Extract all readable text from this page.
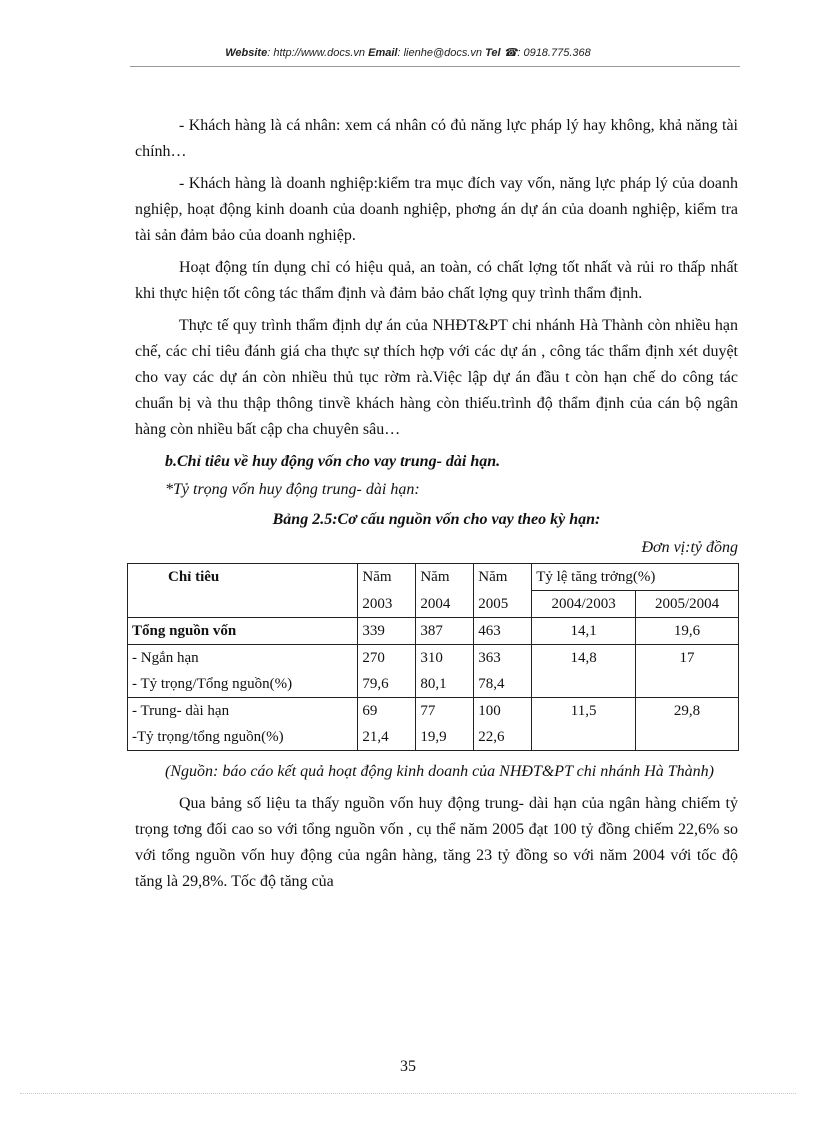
Website: http://www.docs.vn Email: lienhe@docs.vn Tel ☎: 0918.775.368

- Khách hàng là cá nhân: xem cá nhân có đủ năng lực pháp lý hay không, khả năng tài chính…

- Khách hàng là doanh nghiệp:kiểm tra mục đích vay vốn, năng lực pháp lý của doanh nghiệp, hoạt động kinh doanh của doanh nghiệp, phơng án dự án của doanh nghiệp, kiểm tra tài sản đảm bảo của doanh nghiệp.

Hoạt động tín dụng chỉ có hiệu quả, an toàn, có chất lợng tốt nhất và rủi ro thấp nhất khi thực hiện tốt công tác thẩm định và đảm bảo chất lợng quy trình thẩm định.

Thực tế quy trình thẩm định dự án của NHĐT&PT chi nhánh Hà Thành còn nhiều hạn chế, các chỉ tiêu đánh giá cha thực sự thích hợp với các dự án , công tác thẩm định xét duyệt cho vay các dự án còn nhiều thủ tục rờm rà.Việc lập dự án đầu t còn hạn chế do công tác chuẩn bị và thu thập thông tinvề khách hàng còn thiếu.trình độ thẩm định của cán bộ ngân hàng còn nhiều bất cập cha chuyên sâu…

b.Chỉ tiêu về huy động vốn cho vay trung- dài hạn.
*Tỷ trọng vốn huy động trung- dài hạn:
Bảng 2.5:Cơ cấu nguồn vốn cho vay theo kỳ hạn:
Đơn vị:tỷ đồng
Chỉ tiêu	Năm	Năm	Năm	Tỷ lệ tăng trởng(%)	
	2003	2004	2005	2004/2003	2005/2004
Tổng nguồn vốn	339	387	463	14,1	19,6
- Ngắn hạn	270	310	363	14,8	17
- Tỷ trọng/Tổng nguồn(%)	79,6	80,1	78,4		
- Trung- dài hạn	69	77	100	11,5	29,8
-Tỷ trọng/tổng nguồn(%)	21,4	19,9	22,6		
(Nguồn: báo cáo kết quả hoạt động kinh doanh của NHĐT&PT chi nhánh Hà Thành)

Qua bảng số liệu ta thấy nguồn vốn huy động trung- dài hạn của ngân hàng chiếm tỷ trọng tơng đối cao so với tổng nguồn vốn , cụ thể năm 2005 đạt 100 tỷ đồng chiếm 22,6% so với tổng nguồn vốn huy động của ngân hàng, tăng 23 tỷ đồng so với năm 2004 với tốc độ tăng là 29,8%. Tốc độ tăng của

35
